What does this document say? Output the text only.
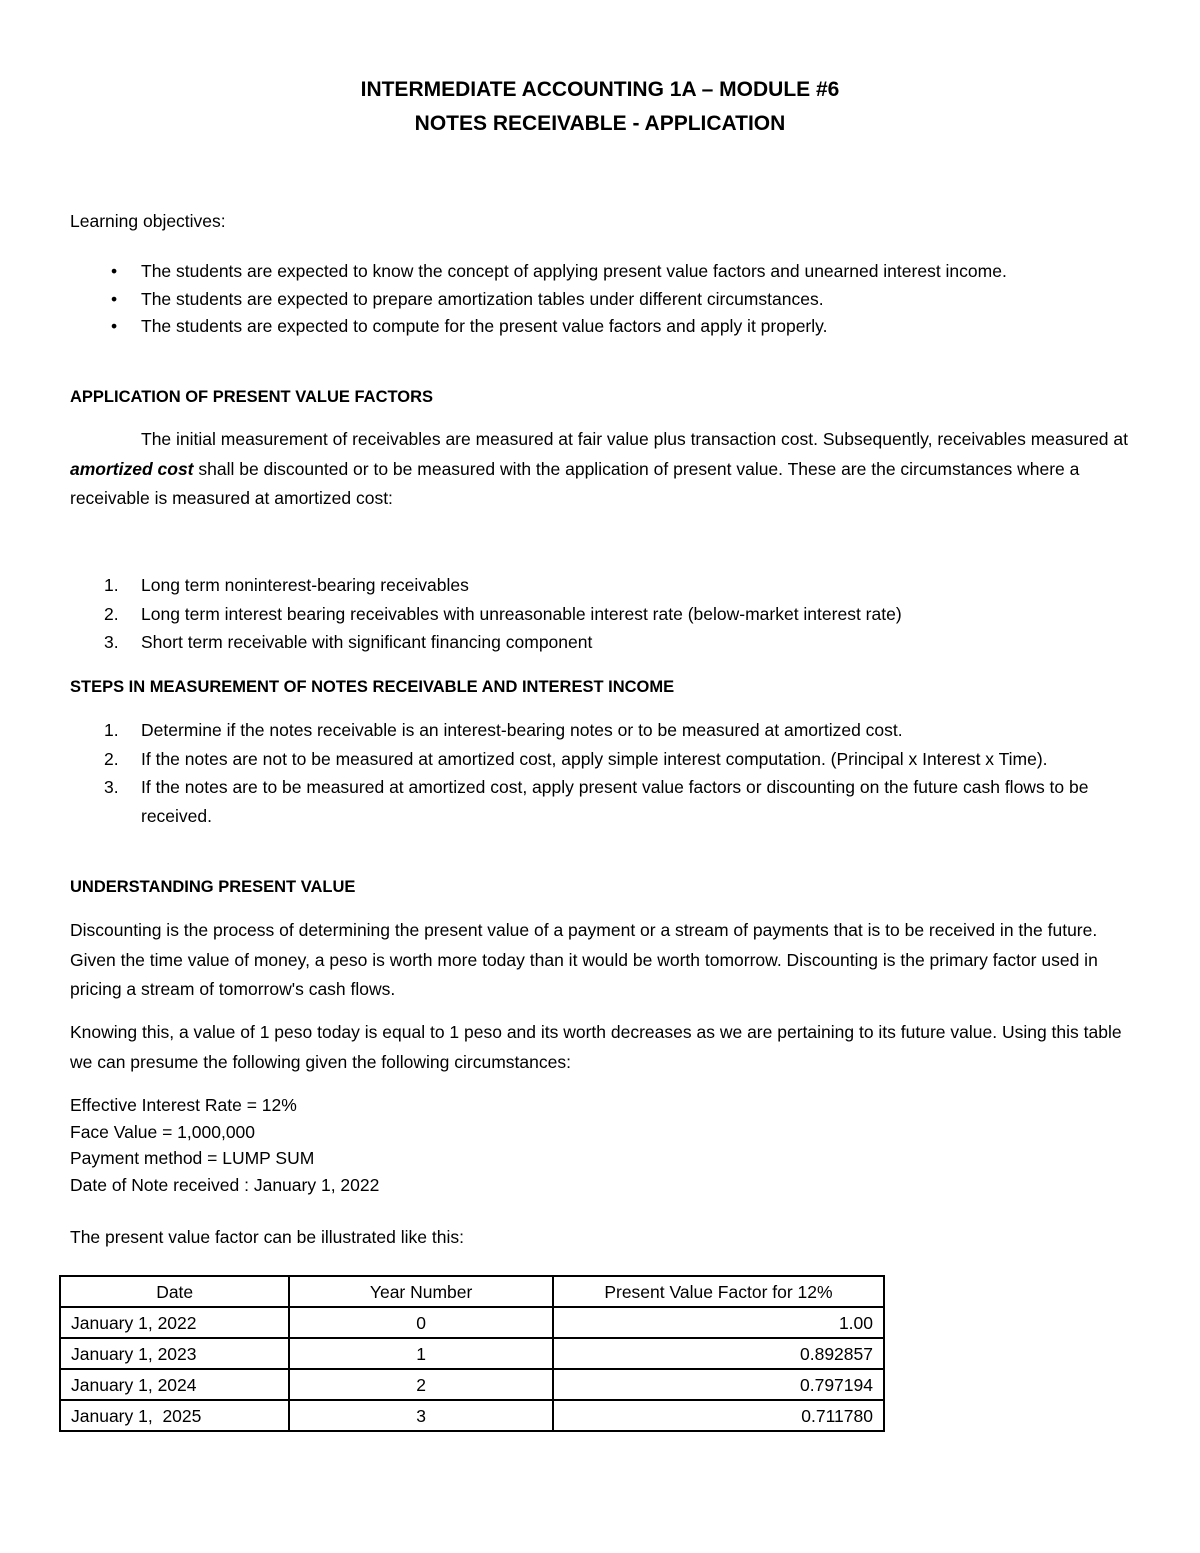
INTERMEDIATE ACCOUNTING 1A – MODULE #6
NOTES RECEIVABLE - APPLICATION
Learning objectives:
• The students are expected to know the concept of applying present value factors and unearned interest income.
• The students are expected to prepare amortization tables under different circumstances.
• The students are expected to compute for the present value factors and apply it properly.
APPLICATION OF PRESENT VALUE FACTORS

The initial measurement of receivables are measured at fair value plus transaction cost. Subsequently, receivables measured at amortized cost shall be discounted or to be measured with the application of present value. These are the circumstances where a receivable is measured at amortized cost:

1. Long term noninterest-bearing receivables
2. Long term interest bearing receivables with unreasonable interest rate (below-market interest rate)
3. Short term receivable with significant financing component
STEPS IN MEASUREMENT OF NOTES RECEIVABLE AND INTEREST INCOME
1. Determine if the notes receivable is an interest-bearing notes or to be measured at amortized cost.
2. If the notes are not to be measured at amortized cost, apply simple interest computation. (Principal x Interest x Time).
3. If the notes are to be measured at amortized cost, apply present value factors or discounting on the future cash flows to be received.
UNDERSTANDING PRESENT VALUE

Discounting is the process of determining the present value of a payment or a stream of payments that is to be received in the future. Given the time value of money, a peso is worth more today than it would be worth tomorrow. Discounting is the primary factor used in pricing a stream of tomorrow's cash flows.

Knowing this, a value of 1 peso today is equal to 1 peso and its worth decreases as we are pertaining to its future value. Using this table we can presume the following given the following circumstances:

Effective Interest Rate = 12%
Face Value = 1,000,000
Payment method = LUMP SUM
Date of Note received : January 1, 2022
The present value factor can be illustrated like this:
Date	Year Number	Present Value Factor for 12%
January 1, 2022	0	1.00
January 1, 2023	1	0.892857
January 1, 2024	2	0.797194
January 1,  2025	3	0.711780
